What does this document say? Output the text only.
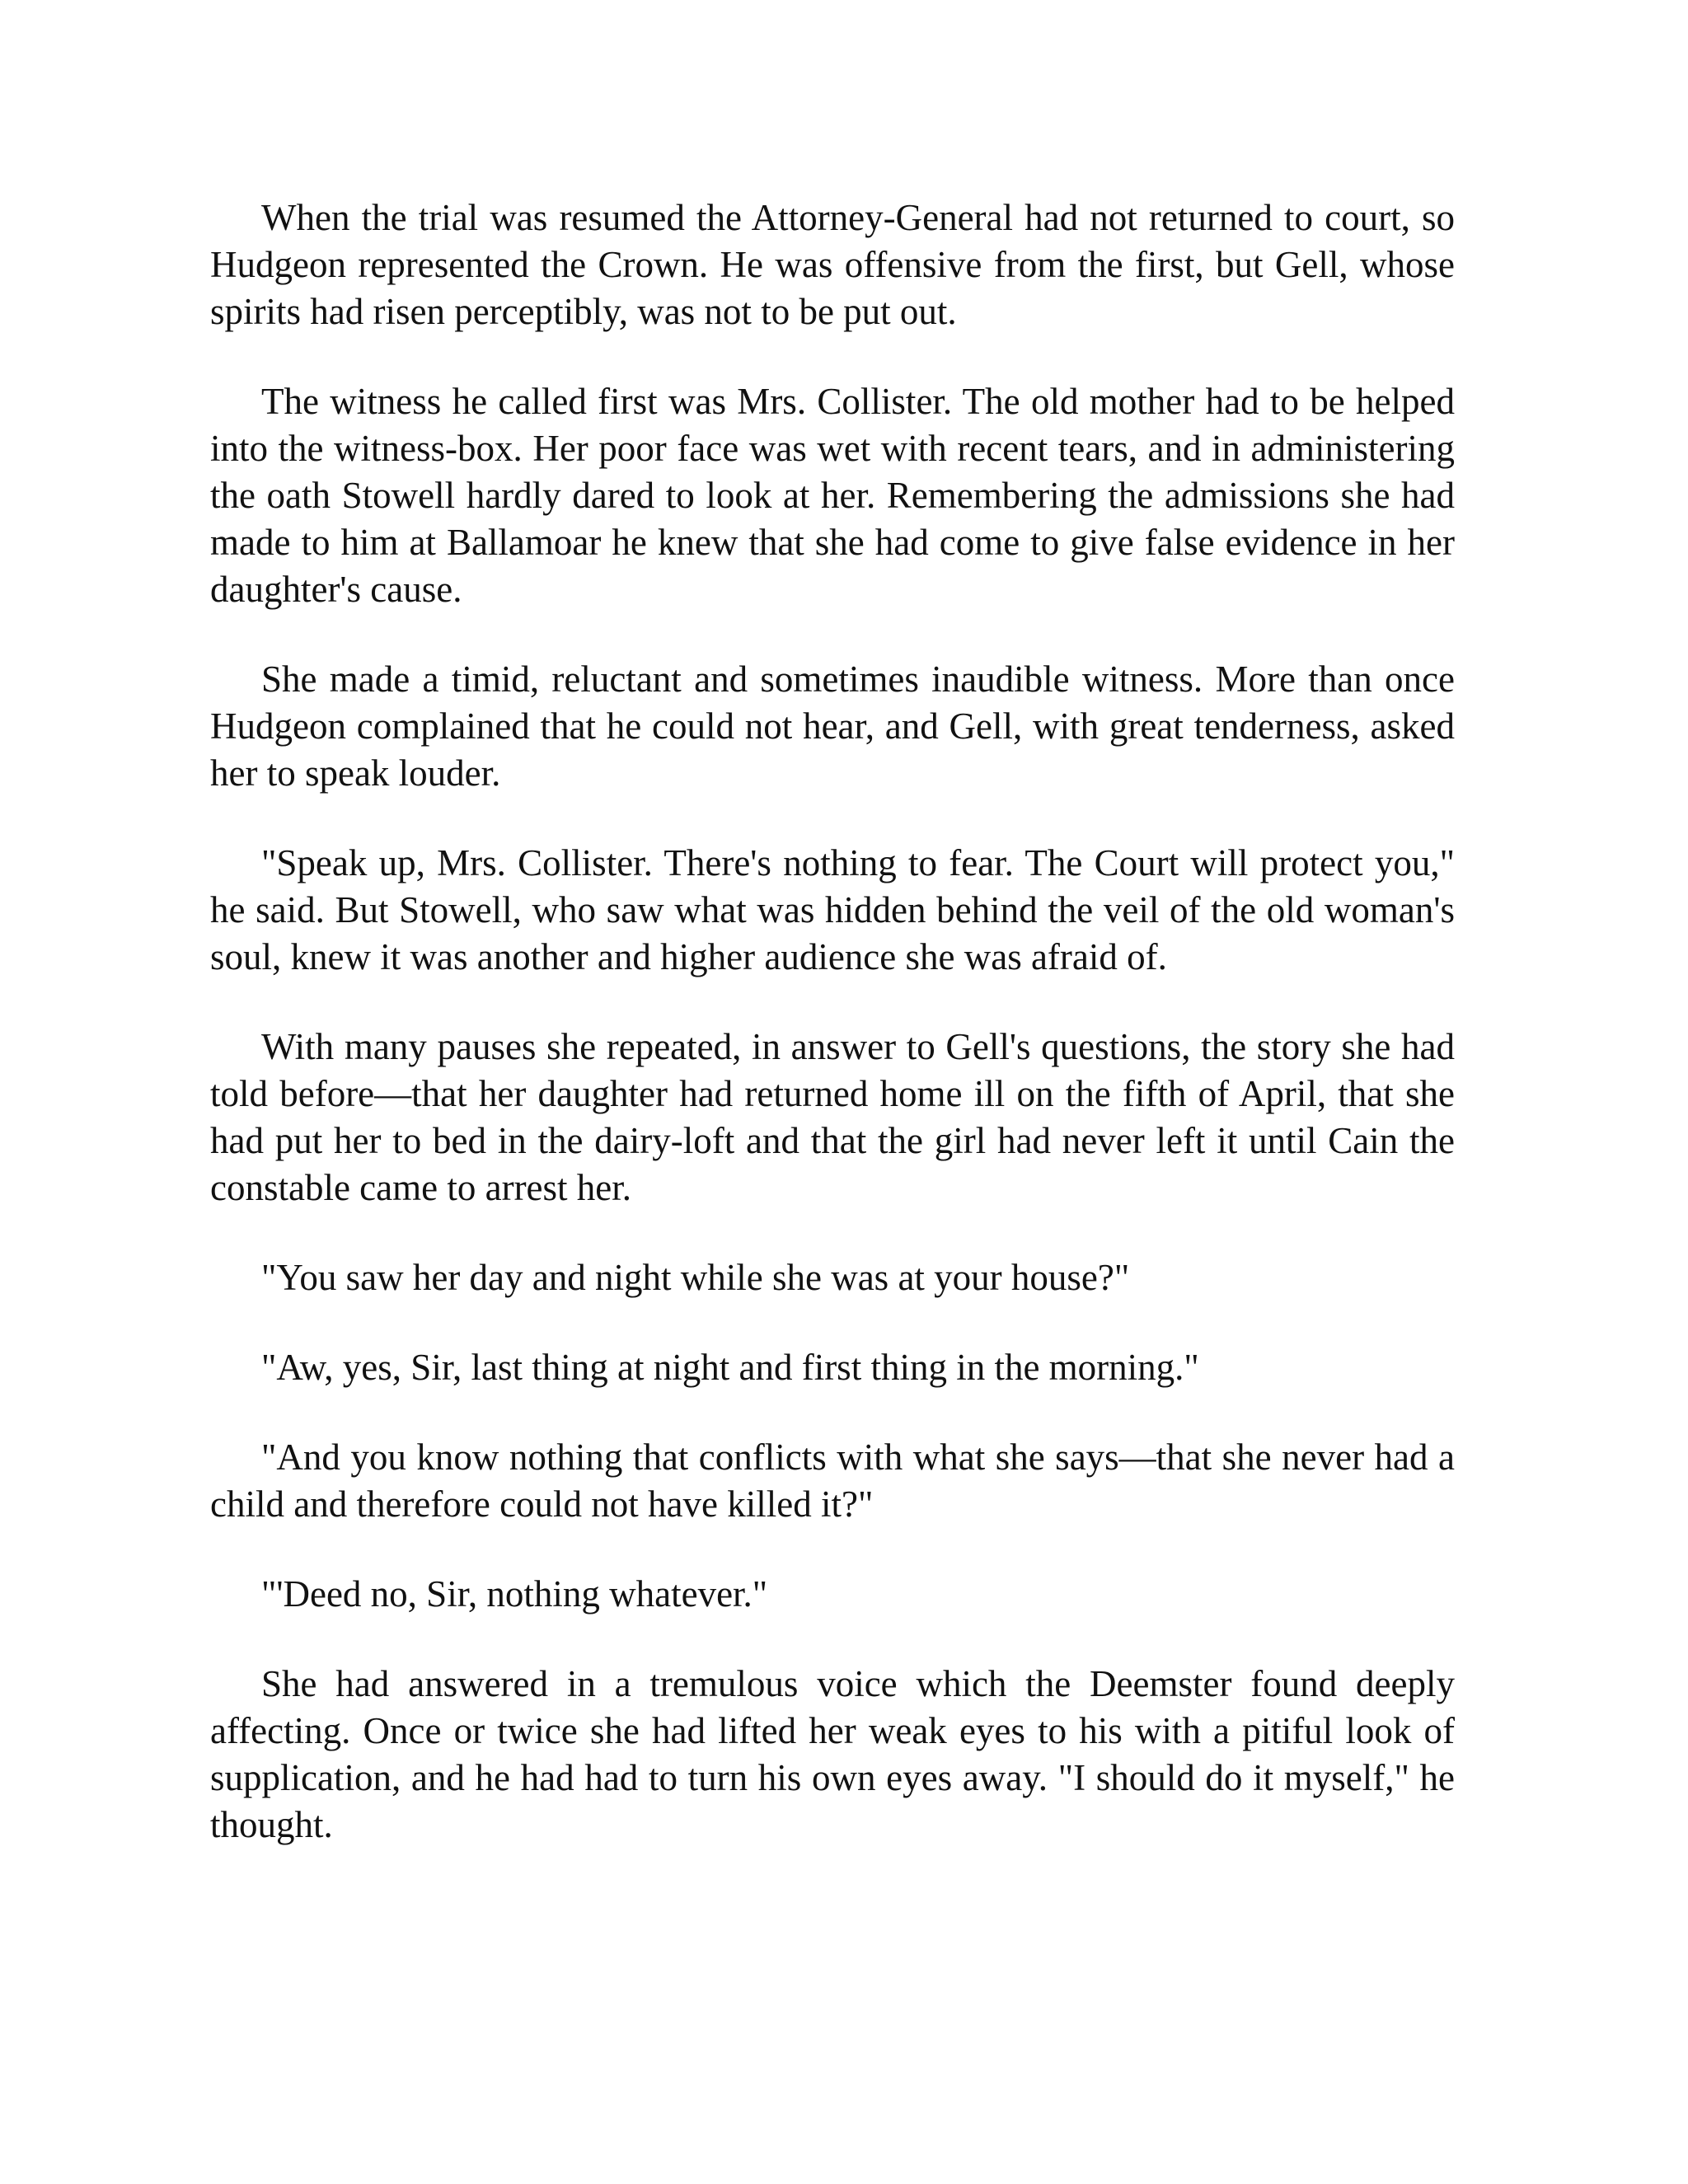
When the trial was resumed the Attorney-General had not returned to court, so Hudgeon represented the Crown. He was offensive from the first, but Gell, whose spirits had risen perceptibly, was not to be put out.

The witness he called first was Mrs. Collister. The old mother had to be helped into the witness-box. Her poor face was wet with recent tears, and in administering the oath Stowell hardly dared to look at her. Remembering the admissions she had made to him at Ballamoar he knew that she had come to give false evidence in her daughter's cause.

She made a timid, reluctant and sometimes inaudible witness. More than once Hudgeon complained that he could not hear, and Gell, with great tenderness, asked her to speak louder.

"Speak up, Mrs. Collister. There's nothing to fear. The Court will protect you," he said. But Stowell, who saw what was hidden behind the veil of the old woman's soul, knew it was another and higher audience she was afraid of.

With many pauses she repeated, in answer to Gell's questions, the story she had told before—that her daughter had returned home ill on the fifth of April, that she had put her to bed in the dairy-loft and that the girl had never left it until Cain the constable came to arrest her.

"You saw her day and night while she was at your house?"

"Aw, yes, Sir, last thing at night and first thing in the morning."

"And you know nothing that conflicts with what she says—that she never had a child and therefore could not have killed it?"

"'Deed no, Sir, nothing whatever."

She had answered in a tremulous voice which the Deemster found deeply affecting. Once or twice she had lifted her weak eyes to his with a pitiful look of supplication, and he had had to turn his own eyes away. "I should do it myself," he thought.
